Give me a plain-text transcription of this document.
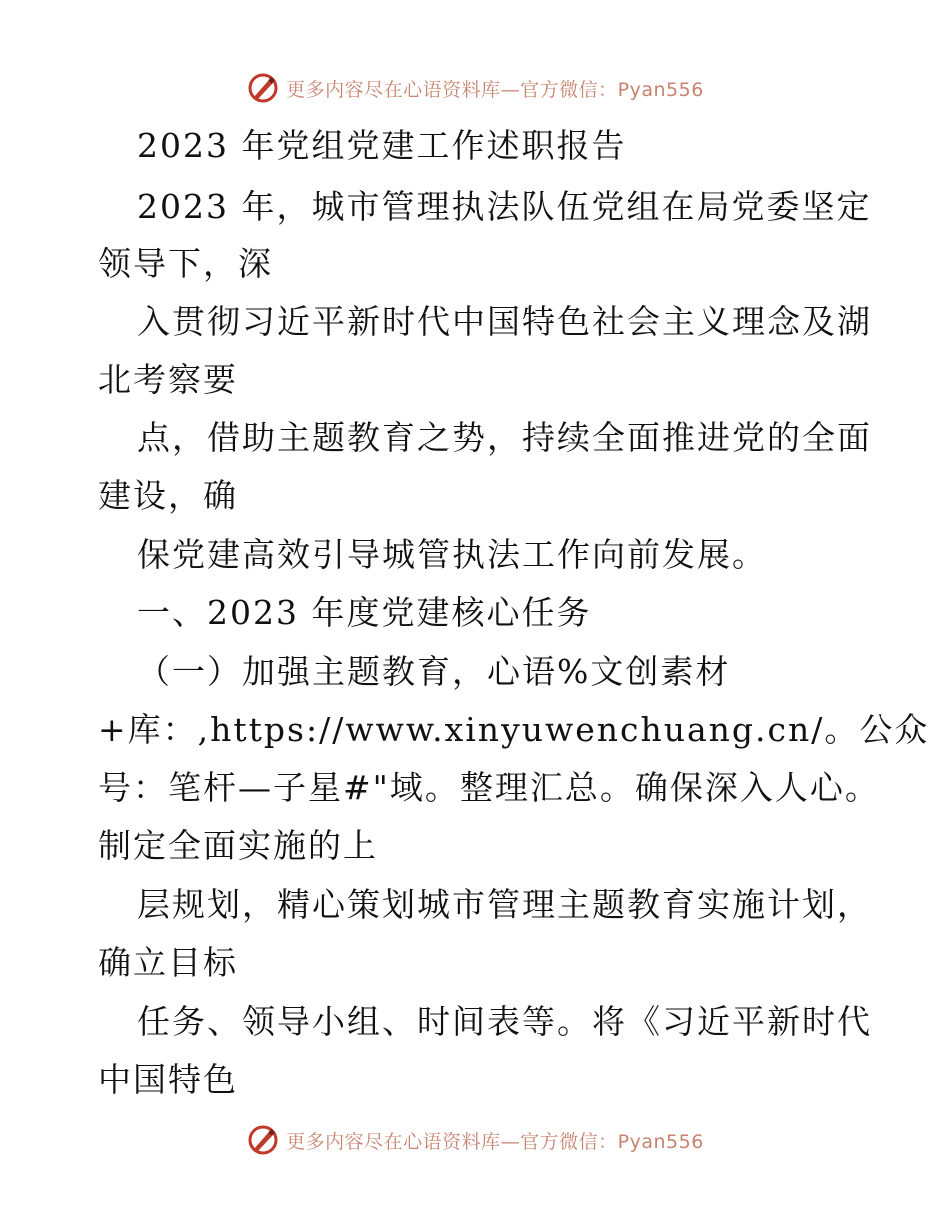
更多内容尽在心语资料库—官方微信：Pyan556
2023 年党组党建工作述职报告
2023 年，城市管理执法队伍党组在局党委坚定
领导下，深
入贯彻习近平新时代中国特色社会主义理念及湖
北考察要
点，借助主题教育之势，持续全面推进党的全面
建设，确
保党建高效引导城管执法工作向前发展。
一、2023 年度党建核心任务
（一）加强主题教育，心语%文创素材
+库：,https://www.xinyuwenchuang.cn/。公众
号：笔杆—子星#"域。整理汇总。确保深入人心。
制定全面实施的上
层规划，精心策划城市管理主题教育实施计划，
确立目标
任务、领导小组、时间表等。将《习近平新时代
中国特色
更多内容尽在心语资料库—官方微信：Pyan556
